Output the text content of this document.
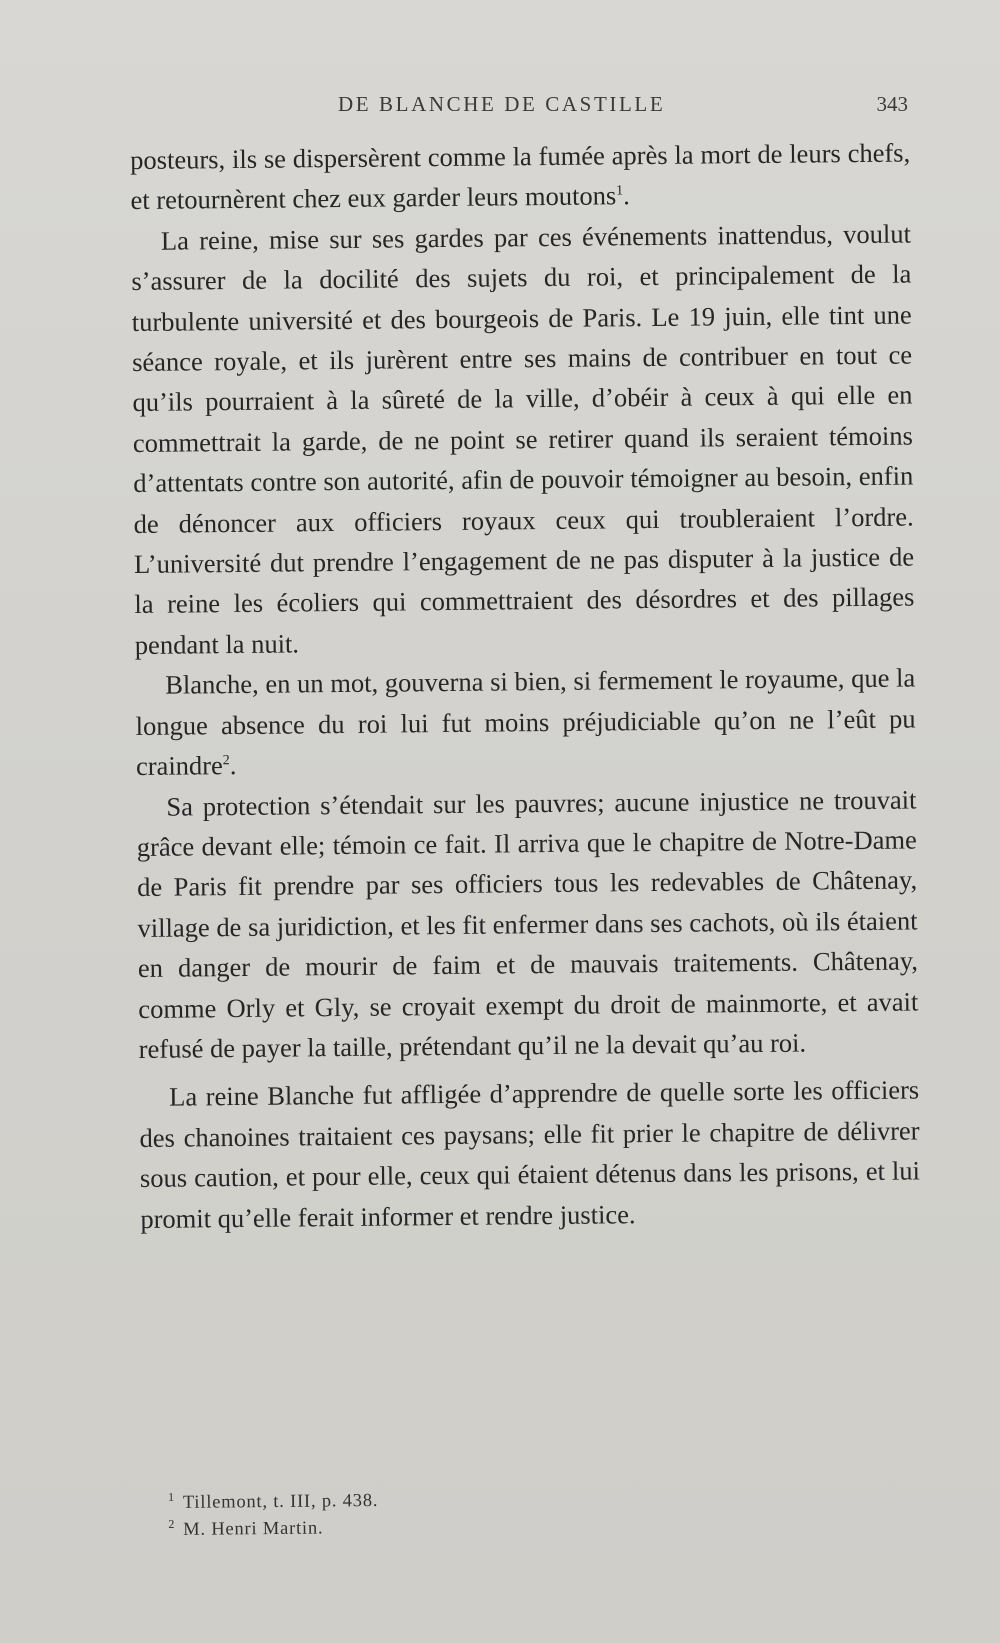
DE BLANCHE DE CASTILLE	343

posteurs, ils se dispersèrent comme la fumée après la mort de leurs chefs, et retournèrent chez eux garder leurs moutons$^1$.

La reine, mise sur ses gardes par ces événements inattendus, voulut s’assurer de la docilité des sujets du roi, et principalement de la turbulente université et des bourgeois de Paris. Le 19 juin, elle tint une séance royale, et ils jurèrent entre ses mains de contribuer en tout ce qu’ils pourraient à la sûreté de la ville, d’obéir à ceux à qui elle en commettrait la garde, de ne point se retirer quand ils seraient témoins d’attentats contre son autorité, afin de pouvoir témoigner au besoin, enfin de dénoncer aux officiers royaux ceux qui troubleraient l’ordre. L’université dut prendre l’engagement de ne pas disputer à la justice de la reine les écoliers qui commettraient des désordres et des pillages pendant la nuit.

Blanche, en un mot, gouverna si bien, si fermement le royaume, que la longue absence du roi lui fut moins préjudiciable qu’on ne l’eût pu craindre$^2$.

Sa protection s’étendait sur les pauvres; aucune injustice ne trouvait grâce devant elle; témoin ce fait. Il arriva que le chapitre de Notre-Dame de Paris fit prendre par ses officiers tous les redevables de Châtenay, village de sa juridiction, et les fit enfermer dans ses cachots, où ils étaient en danger de mourir de faim et de mauvais traitements. Châtenay, comme Orly et Gly, se croyait exempt du droit de mainmorte, et avait refusé de payer la taille, prétendant qu’il ne la devait qu’au roi.

La reine Blanche fut affligée d’apprendre de quelle sorte les officiers des chanoines traitaient ces paysans; elle fit prier le chapitre de délivrer sous caution, et pour elle, ceux qui étaient détenus dans les prisons, et lui promit qu’elle ferait informer et rendre justice.

$^1$ Tillemont, t. III, p. 438.
$^2$ M. Henri Martin.
